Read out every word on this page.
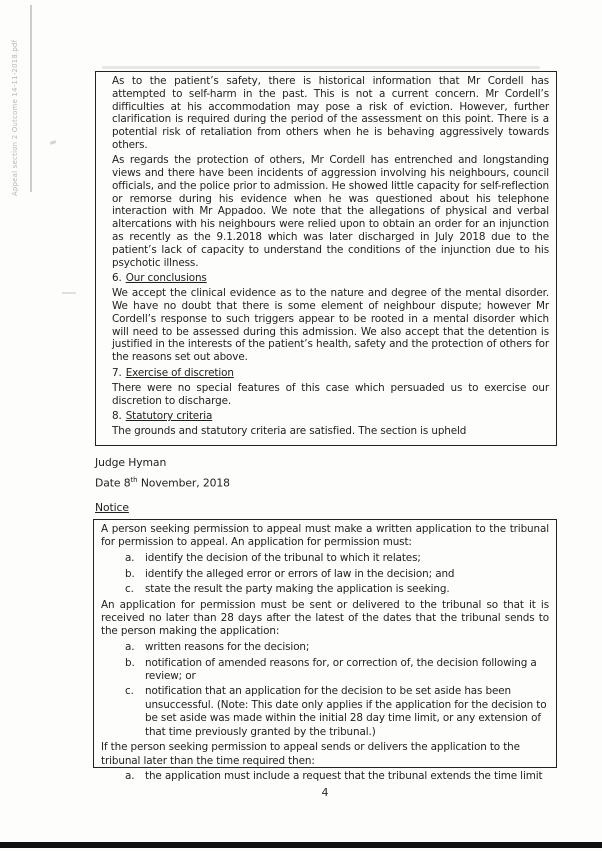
Appeal section 2 Outcome 14-11-2018.pdf	As to the patient’s safety, there is historical information that Mr Cordell has attempted to self-harm in the past. This is not a current concern. Mr Cordell’s difficulties at his accommodation may pose a risk of eviction. However, further clarification is required during the period of the assessment on this point. There is a potential risk of retaliation from others when he is behaving aggressively towards others.

As regards the protection of others, Mr Cordell has entrenched and longstanding views and there have been incidents of aggression involving his neighbours, council officials, and the police prior to admission. He showed little capacity for self-reflection or remorse during his evidence when he was questioned about his telephone interaction with Mr Appadoo. We note that the allegations of physical and verbal altercations with his neighbours were relied upon to obtain an order for an injunction as recently as the 9.1.2018 which was later discharged in July 2018 due to the patient’s lack of capacity to understand the conditions of the injunction due to his psychotic illness.

6. Our conclusions

We accept the clinical evidence as to the nature and degree of the mental disorder. We have no doubt that there is some element of neighbour dispute; however Mr Cordell’s response to such triggers appear to be rooted in a mental disorder which will need to be assessed during this admission. We also accept that the detention is justified in the interests of the patient’s health, safety and the protection of others for the reasons set out above.

7. Exercise of discretion

There were no special features of this case which persuaded us to exercise our discretion to discharge.

8. Statutory criteria

The grounds and statutory criteria are satisfied. The section is upheld

Judge Hyman
Date 8th November, 2018
Notice

A person seeking permission to appeal must make a written application to the tribunal for permission to appeal. An application for permission must:

a.	identify the decision of the tribunal to which it relates;
b. identify the alleged error or errors of law in the decision; and
c.	state the result the party making the application is seeking.

An application for permission must be sent or delivered to the tribunal so that it is received no later than 28 days after the latest of the dates that the tribunal sends to the person making the application:

a.	written reasons for the decision;
b. notification of amended reasons for, or correction of, the decision following a review; or
c.	notification that an application for the decision to be set aside has been unsuccessful. (Note: This date only applies if the application for the decision to be set aside was made within the initial 28 day time limit, or any extension of that time previously granted by the tribunal.)

If the person seeking permission to appeal sends or delivers the application to the tribunal later than the time required then:

a.	the application must include a request that the tribunal extends the time limit
4
